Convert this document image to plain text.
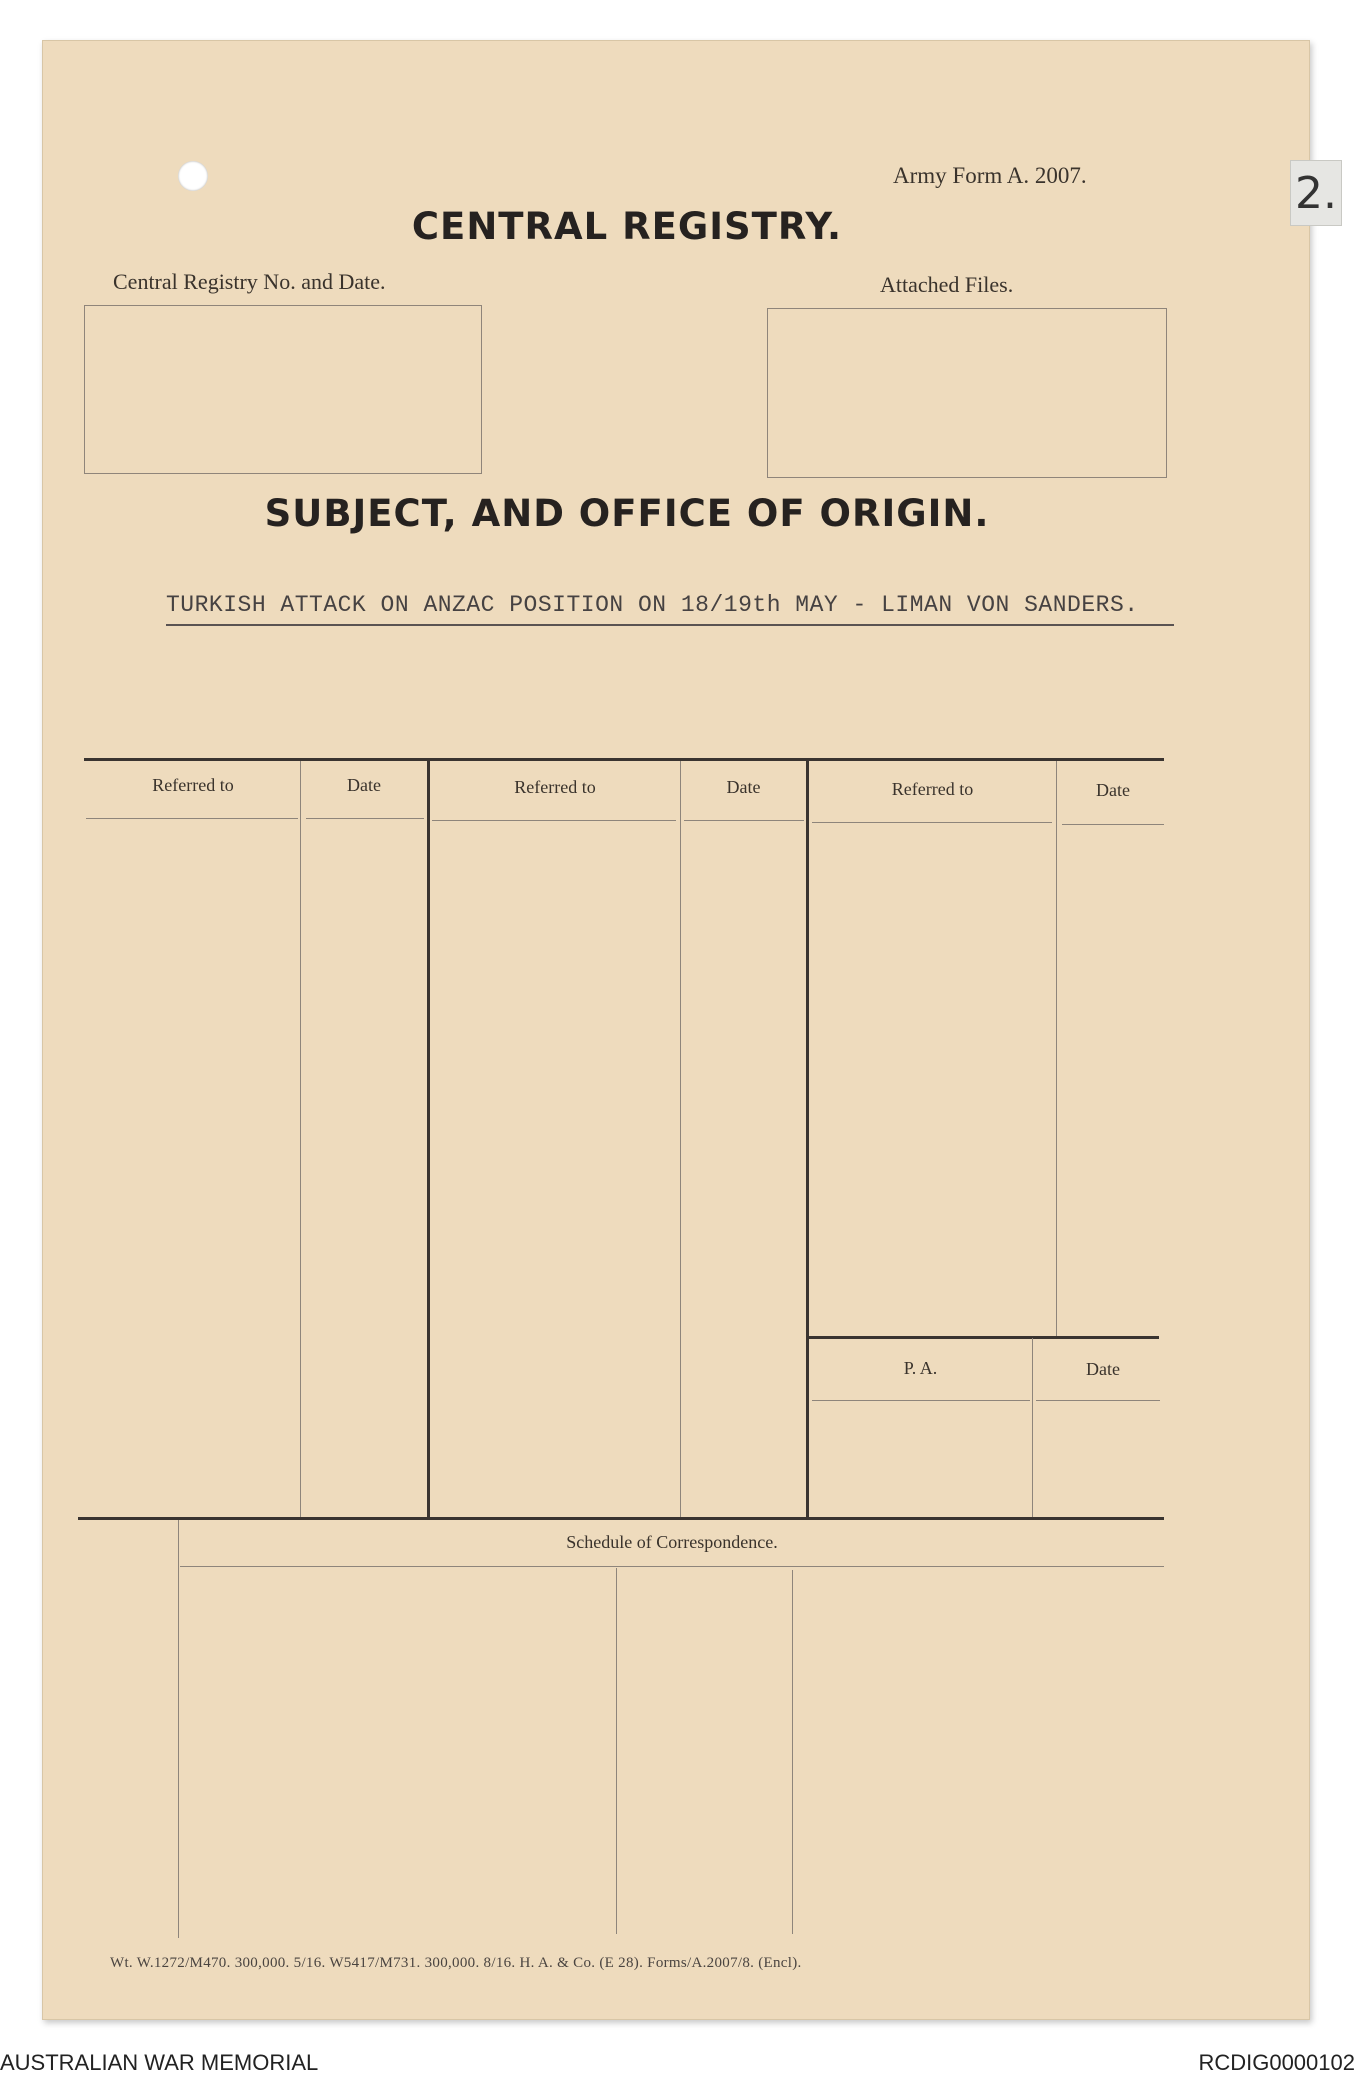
2.
Army Form A. 2007.
CENTRAL REGISTRY.
Central Registry No. and Date.	Attached Files.
SUBJECT, AND OFFICE OF ORIGIN.
TURKISH ATTACK ON ANZAC POSITION ON 18/19th MAY - LIMAN VON SANDERS.
Referred to	Date	Referred to	Date	Referred to	Date
P. A.	Date
Schedule of Correspondence.
Wt. W.1272/M470. 300,000. 5/16. W5417/M731. 300,000. 8/16. H. A. & Co. (E 28). Forms/A.2007/8. (Encl).
AUSTRALIAN WAR MEMORIAL	RCDIG0000102
